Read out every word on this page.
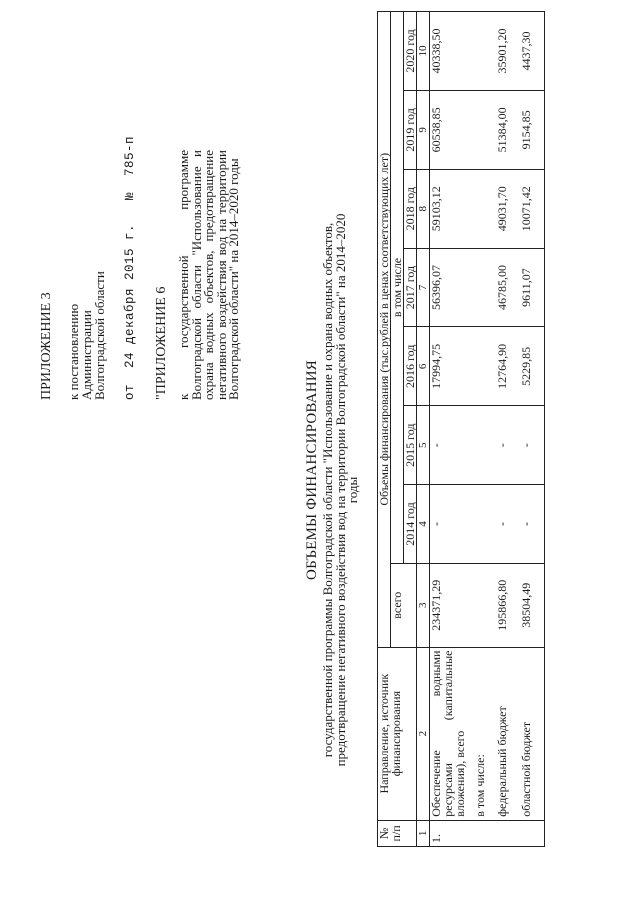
ПРИЛОЖЕНИЕ 3 к постановлению
Администрации
Волгоградской области от  24 декабря 2015 г.   №  785-п "ПРИЛОЖЕНИЕ 6 к государственной программе Волгоградской области "Использование и охрана водных объектов, предотвращение негативного воздействия вод на территории Волгоградской области" на 2014–2020 годы
ОБЪЕМЫ ФИНАНСИРОВАНИЯ государственной программы Волгоградской области "Использование и охрана водных объектов,
предотвращение негативного воздействия вод на территории Волгоградской области" на 2014–2020 годы
№ п/п	Направление, источник финансирования	Объемы финансирования (тыс.рублей в ценах соответствующих лет)							
		всего	в том числе						
			2014 год	2015 год	2016 год	2017 год	2018 год	2019 год	2020 год
1	2	3	4	5	6	7	8	9	10
1.	Обеспечение водными ресурсами (капитальные вложения), всего	234371,29	-	-	17994,75	56396,07	59103,12	60538,85	40338,50
	в том числе:								
	федеральный бюджет	195866,80	-	-	12764,90	46785,00	49031,70	51384,00	35901,20
	областной бюджет	38504,49	-	-	5229,85	9611,07	10071,42	9154,85	4437,30
